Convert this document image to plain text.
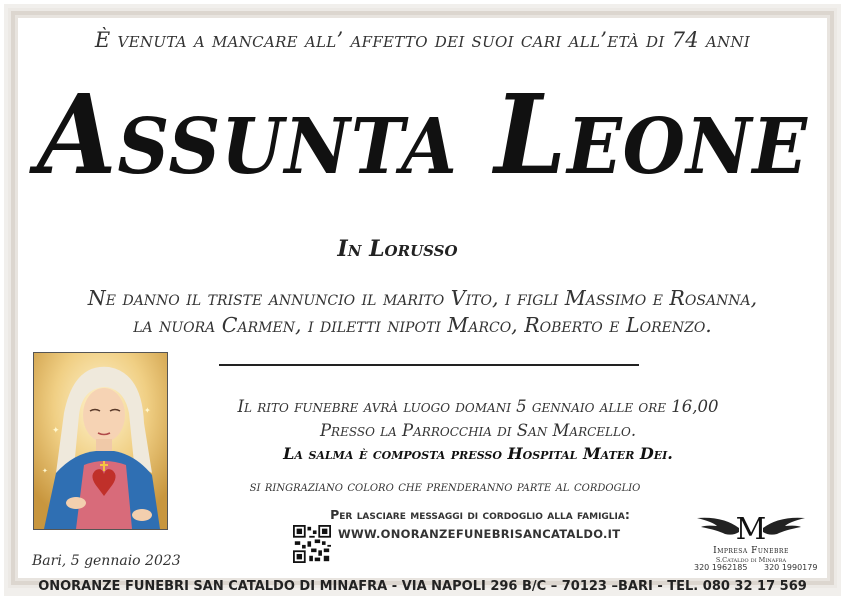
È venuta a mancare all’ affetto dei suoi cari all’età di 74 anni
Assunta Leone
In Lorusso
Ne danno il triste annuncio il marito Vito, i figli Massimo e Rosanna,
la nuora Carmen, i diletti nipoti Marco, Roberto e Lorenzo.
✦
✦
✦
Il rito funebre avrà luogo domani 5 gennaio alle ore 16,00
Presso la Parrocchia di San Marcello.
La salma è composta presso Hospital Mater Dei.
si ringraziano coloro che prenderanno parte al cordoglio
Per lasciare messaggi di cordoglio alla famiglia:
WWW.ONORANZEFUNEBRISANCATALDO.IT
Bari, 5 gennaio 2023
M
Impresa Funebre
S.Cataldo di Minafra
320 1962185 320 1990179
ONORANZE FUNEBRI SAN CATALDO DI MINAFRA - VIA NAPOLI 296 B/C – 70123 –BARI - TEL. 080 32 17 569
